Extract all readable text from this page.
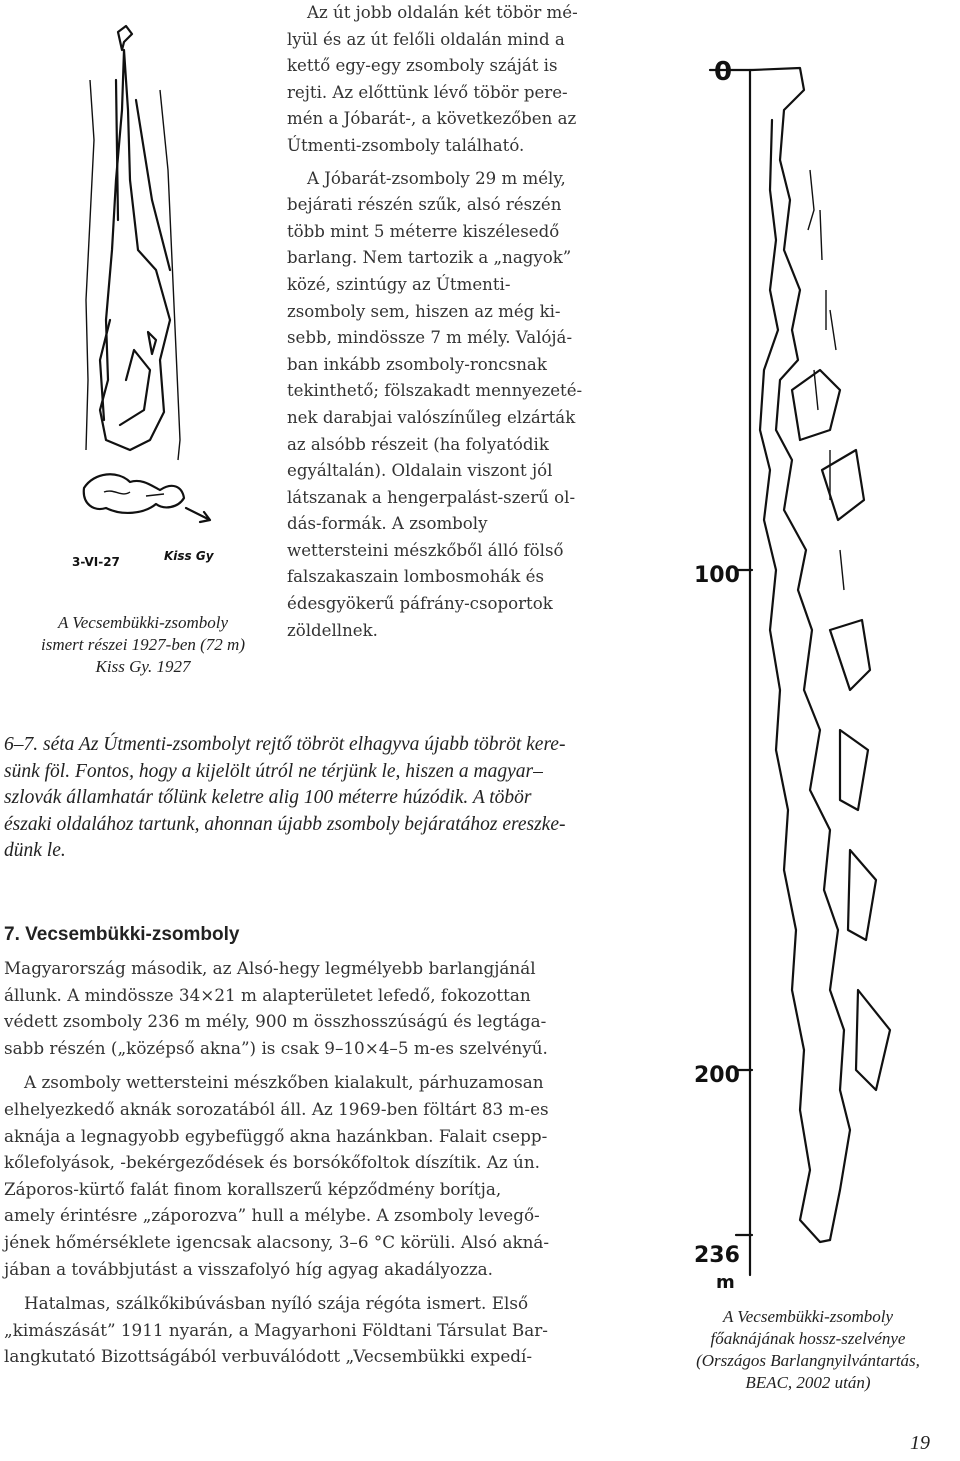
3-VI-27	Kiss Gy
A Vecsembükki-zsomboly
ismert részei 1927-ben (72 m)
Kiss Gy. 1927

Az út jobb oldalán két töbör mé-
lyül és az út felőli oldalán mind a
kettő egy-egy zsomboly száját is
rejti. Az előttünk lévő töbör pere-
mén a Jóbarát-, a következőben az
Útmenti-zsomboly található.

A Jóbarát-zsomboly 29 m mély,
bejárati részén szűk, alsó részén
több mint 5 méterre kiszélesedő
barlang. Nem tartozik a „nagyok”
közé, szintúgy az Útmenti-
zsomboly sem, hiszen az még ki-
sebb, mindössze 7 m mély. Valójá-
ban inkább zsomboly-roncsnak
tekinthető; fölszakadt mennyezeté-
nek darabjai valószínűleg elzárták
az alsóbb részeit (ha folyatódik
egyáltalán). Oldalain viszont jól
látszanak a hengerpalást-szerű ol-
dás-formák. A zsomboly
wettersteini mészkőből álló fölső
falszakaszain lombosmohák és
édesgyökerű páfrány-csoportok
zöldellnek.

6–7. séta Az Útmenti-zsombolyt rejtő töbröt elhagyva újabb töbröt kere-
sünk föl. Fontos, hogy a kijelölt útról ne térjünk le, hiszen a magyar–
szlovák államhatár tőlünk keletre alig 100 méterre húzódik. A töbör
északi oldalához tartunk, ahonnan újabb zsomboly bejáratához ereszke-
dünk le.
7. Vecsembükki-zsomboly

Magyarország második, az Alsó-hegy legmélyebb barlangjánál
állunk. A mindössze 34×21 m alapterületet lefedő, fokozottan
védett zsomboly 236 m mély, 900 m összhosszúságú és legtága-
sabb részén („középső akna”) is csak 9–10×4–5 m-es szelvényű.

A zsomboly wettersteini mészkőben kialakult, párhuzamosan
elhelyezkedő aknák sorozatából áll. Az 1969-ben föltárt 83 m-es
aknája a legnagyobb egybefüggő akna hazánkban. Falait csepp-
kőlefolyások, -bekérgeződések és borsókőfoltok díszítik. Az ún.
Záporos-kürtő falát finom korallszerű képződmény borítja,
amely érintésre „záporozva” hull a mélybe. A zsomboly levegő-
jének hőmérséklete igencsak alacsony, 3–6 °C körüli. Alsó akná-
jában a továbbjutást a visszafolyó híg agyag akadályozza.

Hatalmas, szálkőkibúvásban nyíló szája régóta ismert. Első
„kimászását” 1911 nyarán, a Magyarhoni Földtani Társulat Bar-
langkutató Bizottságából verbuválódott „Vecsembükki expedí-

0
100
200
236
m
A Vecsembükki-zsomboly
főaknájának hossz-szelvénye
(Országos Barlangnyilvántartás,
BEAC, 2002 után)
19
